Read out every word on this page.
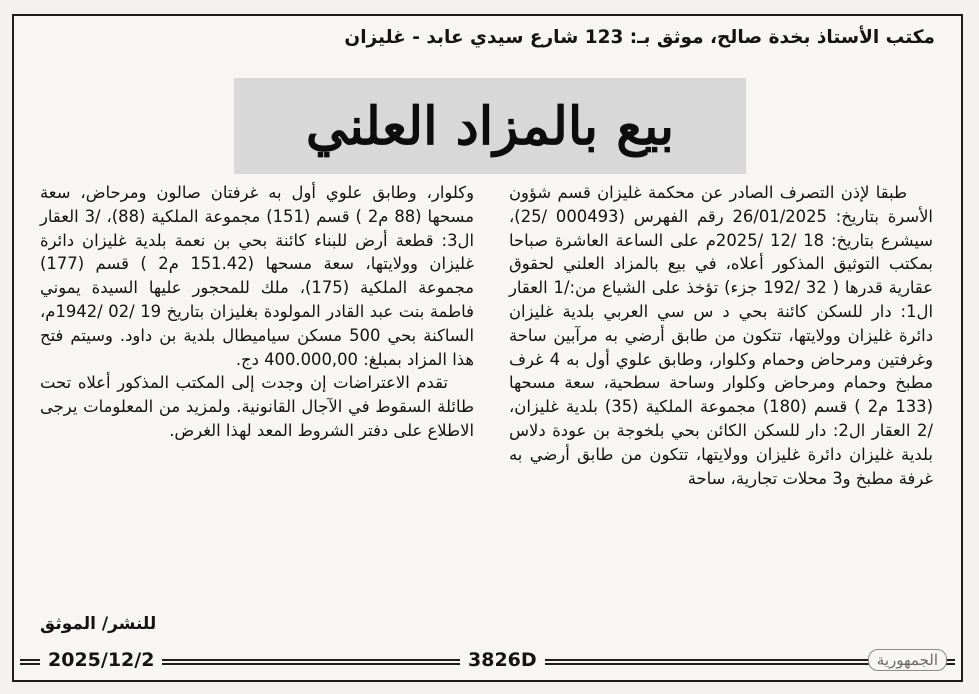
مكتب الأستاذ بخدة صالح، موثق بـ: 123 شارع سيدي عابد - غليزان
بيع بالمزاد العلني

طبقا لإذن التصرف الصادر عن محكمة غليزان قسم شؤون الأسرة بتاريخ: 26/01/2025 رقم الفهرس (000493 /25)، سيشرع بتاريخ: 18 /12 /2025م على الساعة العاشرة صباحا بمكتب التوثيق المذكور أعلاه، في بيع بالمزاد العلني لحقوق عقارية قدرها ( 32 /192 جزء) تؤخذ على الشياع من:/1 العقار ال1: دار للسكن كائنة بحي د س سي العربي بلدية غليزان دائرة غليزان وولايتها، تتكون من طابق أرضي به مرآبين ساحة وغرفتين ومرحاض وحمام وكلوار، وطابق علوي أول به 4 غرف مطبخ وحمام ومرحاض وكلوار وساحة سطحية، سعة مسحها (133 م2 ) قسم (180) مجموعة الملكية (35) بلدية غليزان، /2 العقار ال2: دار للسكن الكائن بحي بلخوجة بن عودة دلاس بلدية غليزان دائرة غليزان وولايتها، تتكون من طابق أرضي به غرفة مطبخ و3 محلات تجارية، ساحة

وكلوار، وطابق علوي أول به غرفتان صالون ومرحاض، سعة مسحها (88 م2 ) قسم (151) مجموعة الملكية (88)، /3 العقار ال3: قطعة أرض للبناء كائنة بحي بن نعمة بلدية غليزان دائرة غليزان وولايتها، سعة مسحها (151.42 م2 ) قسم (177) مجموعة الملكية (175)، ملك للمحجور عليها السيدة يموني فاطمة بنت عبد القادر المولودة بغليزان بتاريخ 19 /02 /1942م، الساكنة بحي 500 مسكن سياميطال بلدية بن داود. وسيتم فتح هذا المزاد بمبلغ: 400.000,00 دج.

تقدم الاعتراضات إن وجدت إلى المكتب المذكور أعلاه تحت طائلة السقوط في الآجال القانونية. ولمزيد من المعلومات يرجى الاطلاع على دفتر الشروط المعد لهذا الغرض.

للنشر/ الموثق
2025/12/2	3826D	الجمهورية
